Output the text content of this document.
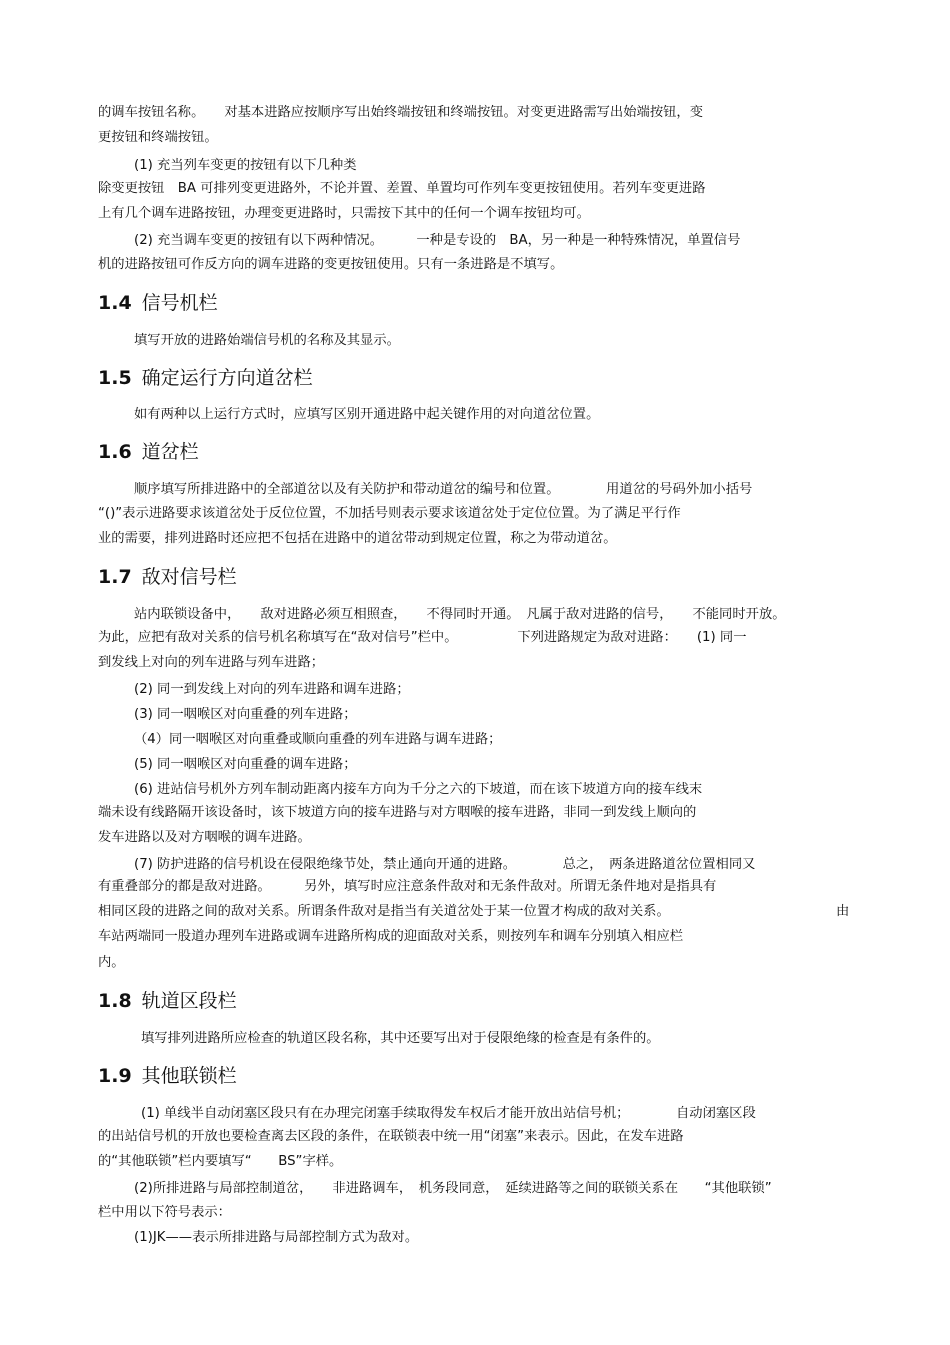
的调车按钮名称。　　对基本进路应按顺序写出始终端按钮和终端按钮。对变更进路需写出始端按钮，变
更按钮和终端按钮。
(1) 充当列车变更的按钮有以下几种类
除变更按钮　BA 可排列变更进路外，不论并置、差置、单置均可作列车变更按钮使用。若列车变更进路
上有几个调车进路按钮，办理变更进路时，只需按下其中的任何一个调车按钮均可。
(2) 充当调车变更的按钮有以下两种情况。　　　一种是专设的　BA，另一种是一种特殊情况，单置信号
机的进路按钮可作反方向的调车进路的变更按钮使用。只有一条进路是不填写。
1.4 信号机栏
填写开放的进路始端信号机的名称及其显示。
1.5 确定运行方向道岔栏
如有两种以上运行方式时，应填写区别开通进路中起关键作用的对向道岔位置。
1.6 道岔栏
顺序填写所排进路中的全部道岔以及有关防护和带动道岔的编号和位置。　　　　用道岔的号码外加小括号
“()”表示进路要求该道岔处于反位位置，不加括号则表示要求该道岔处于定位位置。为了满足平行作
业的需要，排列进路时还应把不包括在进路中的道岔带动到规定位置，称之为带动道岔。
1.7 敌对信号栏
站内联锁设备中，　　敌对进路必须互相照查，　　不得同时开通。　凡属于敌对进路的信号，　　不能同时开放。
为此，应把有敌对关系的信号机名称填写在“敌对信号”栏中。　　　　　下列进路规定为敌对进路：　　(1) 同一
到发线上对向的列车进路与列车进路；
(2) 同一到发线上对向的列车进路和调车进路；
(3) 同一咽喉区对向重叠的列车进路；
（4）同一咽喉区对向重叠或顺向重叠的列车进路与调车进路；
(5) 同一咽喉区对向重叠的调车进路；
(6) 进站信号机外方列车制动距离内接车方向为千分之六的下坡道，而在该下坡道方向的接车线末
端未设有线路隔开该设备时，该下坡道方向的接车进路与对方咽喉的接车进路，非同一到发线上顺向的
发车进路以及对方咽喉的调车进路。
(7) 防护进路的信号机设在侵限绝缘节处，禁止通向开通的进路。　　　　总之，　两条进路道岔位置相同又
有重叠部分的都是敌对进路。　　　另外，填写时应注意条件敌对和无条件敌对。所谓无条件地对是指具有
相同区段的进路之间的敌对关系。所谓条件敌对是指当有关道岔处于某一位置才构成的敌对关系。	由
车站两端同一股道办理列车进路或调车进路所构成的迎面敌对关系，则按列车和调车分别填入相应栏
内。
1.8 轨道区段栏
填写排列进路所应检查的轨道区段名称，其中还要写出对于侵限绝缘的检查是有条件的。
1.9 其他联锁栏
(1) 单线半自动闭塞区段只有在办理完闭塞手续取得发车权后才能开放出站信号机；　　　　自动闭塞区段
的出站信号机的开放也要检查离去区段的条件，在联锁表中统一用“闭塞”来表示。因此，在发车进路
的“其他联锁”栏内要填写“　　BS”字样。
(2)所排进路与局部控制道岔，　　非进路调车，　机务段同意，　延续进路等之间的联锁关系在　　“其他联锁”
栏中用以下符号表示：
(1)JK——表示所排进路与局部控制方式为敌对。
